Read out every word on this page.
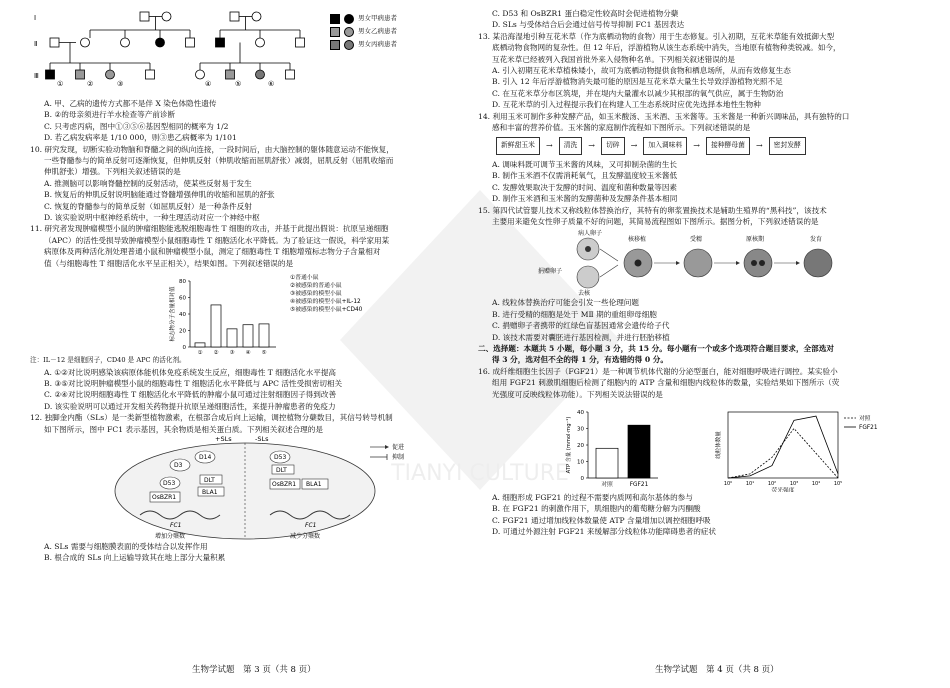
TIANYI CULTURE
Ⅰ
Ⅱ
Ⅲ
①	②	③	④	⑤	⑥
男女甲病患者
男女乙病患者
男女丙病患者
A. 甲、乙病的遗传方式都不是伴 X 染色体隐性遗传
B. ②的母亲须进行羊水检查等产前诊断
C. 只考虑丙病，图中①③⑤⑥基因型相同的概率为 1/2
D. 若乙病发病率是 1/10 000，则③患乙病概率为 1/101
10. 研究发现，切断实验动物脑和脊髓之间的纵向连接，一段时间后，由大脑控制的躯体随意运动不能恢复，
一些脊髓参与的简单反射可逐渐恢复，但伸肌反射（伸肌收缩而屈肌舒张）减弱，屈肌反射（屈肌收缩而
伸肌舒张）增强。下列相关叙述错误的是
A. 推测脑可以影响脊髓控制的反射活动，使某些反射易于发生
B. 恢复后的伸肌反射说明脑能通过脊髓增强伸肌的收缩和屈肌的舒张
C. 恢复的脊髓参与的简单反射（如屈肌反射）是一种条件反射
D. 该实验说明中枢神经系统中，一种生理活动对应一个神经中枢
11. 研究者发现肿瘤模型小鼠的肿瘤细胞能逃脱细胞毒性 T 细胞的攻击，并基于此提出假说：抗原呈递细胞
（APC）的活性受损导致肿瘤模型小鼠细胞毒性 T 细胞活化水平降低。为了验证这一假说，科学家用某
病原体及两种活化剂处理普通小鼠和肿瘤模型小鼠，测定了细胞毒性 T 细胞增殖标志物分子含量相对
值（与细胞毒性 T 细胞活化水平呈正相关），结果如图。下列叙述错误的是
80
60
40
20
0
标志物分子含量相对值
① ② ③ ④ ⑤
①普通小鼠
②被感染的普通小鼠
③被感染的模型小鼠
④被感染的模型小鼠+IL-12
⑤被感染的模型小鼠+CD40
注：IL－12 是细胞因子，CD40 是 APC 的活化剂。
A. ①②对比说明感染该病原体能机体免疫系统发生反应，细胞毒性 T 细胞活化水平提高
B. ③⑤对比说明肿瘤模型小鼠的细胞毒性 T 细胞活化水平降低与 APC 活性受损密切相关
C. ②④对比说明细胞毒性 T 细胞活化水平降低的肿瘤小鼠可通过注射细胞因子得到改善
D. 该实验说明可以通过开发相关药物提升抗原呈递细胞活性，来提升肿瘤患者的免疫力
12. 独脚金内酯（SLs）是一类新型植物激素，在根部合成后向上运输，调控植物分蘖数目，其信号转导机制
如下图所示，图中 FC1 表示基因，其余物质是相关蛋白质。下列相关叙述合理的是
+SLs	-SLs
D3
D14
D53
OsBZR1
DLT
BLA1
DLT
OsBZR1 BLA1
D53
FC1	FC1
增加分蘖数	减少分蘖数
促进
抑制
A. SLs 需要与细胞膜表面的受体结合以发挥作用
B. 根合成的 SLs 向上运输导致其在地上部分大量积累
C. D53 和 OsBZR1 蛋白稳定性较高时会促进植物分蘖
D. SLs 与受体结合后会通过信号传导抑制 FC1 基因表达
13. 某沿海湿地引种互花米草（作为底栖动物的食物）用于生态修复。引入初期，互花米草能有效抵御大型
底栖动物食物网的复杂性。但 12 年后，浮游植物从该生态系统中消失，当地原有植物种类锐减。如今，
互花米草已经被列入我国首批外来入侵物种名单。下列相关叙述错误的是
A. 引入初期互花米草植株矮小，故可为底栖动物提供食物和栖息场所，从而有效修复生态
B. 引入 12 年后浮游植物消失最可能的原因是互花米草大量生长导致浮游植物光照不足
C. 在互花米草分布区筑堤，并在堤内大量灌水以减少其根部的氧气供应，属于生物防治
D. 互花米草的引入过程提示我们在构建人工生态系统时应优先选择本地性生物种
14. 利用玉米可制作多种发酵产品，如玉米酸汤、玉米酒、玉米酱等。玉米酱是一种新兴调味品，具有独特的口
感和丰富的营养价值。玉米酱的家庭制作流程如下图所示。下列叙述错误的是
新鲜甜玉米	→	清洗	→	切碎	→	加入调味料	→	接种酵母菌	→	密封发酵
A. 调味料既可调节玉米酱的风味，又可抑制杂菌的生长
B. 制作玉米酒不仅需消耗氧气，且发酵温度较玉米酱低
C. 发酵效果取决于发酵的时间、温度和菌种数量等因素
D. 制作玉米酒和玉米酱的发酵菌种及发酵条件基本相同
15. 第四代试管婴儿技术又称线粒体替换治疗，其特有的卵浆置换技术是辅助生殖界的“黑科技”，该技术
主要用来避免女性卵子质量不好的问题，其简易流程图如下图所示。据图分析，下列叙述错误的是
病人卵子
捐赠卵子
去核
核移植	受精	原核期	发育
A. 线粒体替换治疗可能会引发一些伦理问题
B. 进行受精的细胞是处于 MⅡ 期的重组卵母细胞
C. 捐赠卵子者携带的红绿色盲基因通常会遗传给子代
D. 该技术需要对囊胚进行基因检测，并进行胚胎移植
二、选择题：本题共 5 小题，每小题 3 分，共 15 分。每小题有一个或多个选项符合题目要求，全部选对
得 3 分，选对但不全的得 1 分，有选错的得 0 分。
16. 成纤维细胞生长因子（FGF21）是一种调节机体代谢的分泌型蛋白，能对细胞呼吸进行调控。某实验小
组用 FGF21 刺激肌细胞后检测了细胞内的 ATP 含量和细胞内线粒体的数量，实验结果如下图所示（荧
光强度可反映线粒体功能）。下列相关说法错误的是
40
30
20
10
0
ATP 含量 (mmol·mg⁻¹)
对照	FGF21
线粒体数量
荧光强度
10⁰	10¹	10²	10³	10⁴	10⁵
对照
FGF21
A. 细胞形成 FGF21 的过程不需要内质网和高尔基体的参与
B. 在 FGF21 的刺激作用下，肌细胞内的葡萄糖分解为丙酮酸
C. FGF21 通过增加线粒体数量使 ATP 含量增加以调控细胞呼吸
D. 可通过外源注射 FGF21 来缓解部分线粒体功能障碍患者的症状
生物学试题　第 3 页（共 8 页）	生物学试题　第 4 页（共 8 页）
